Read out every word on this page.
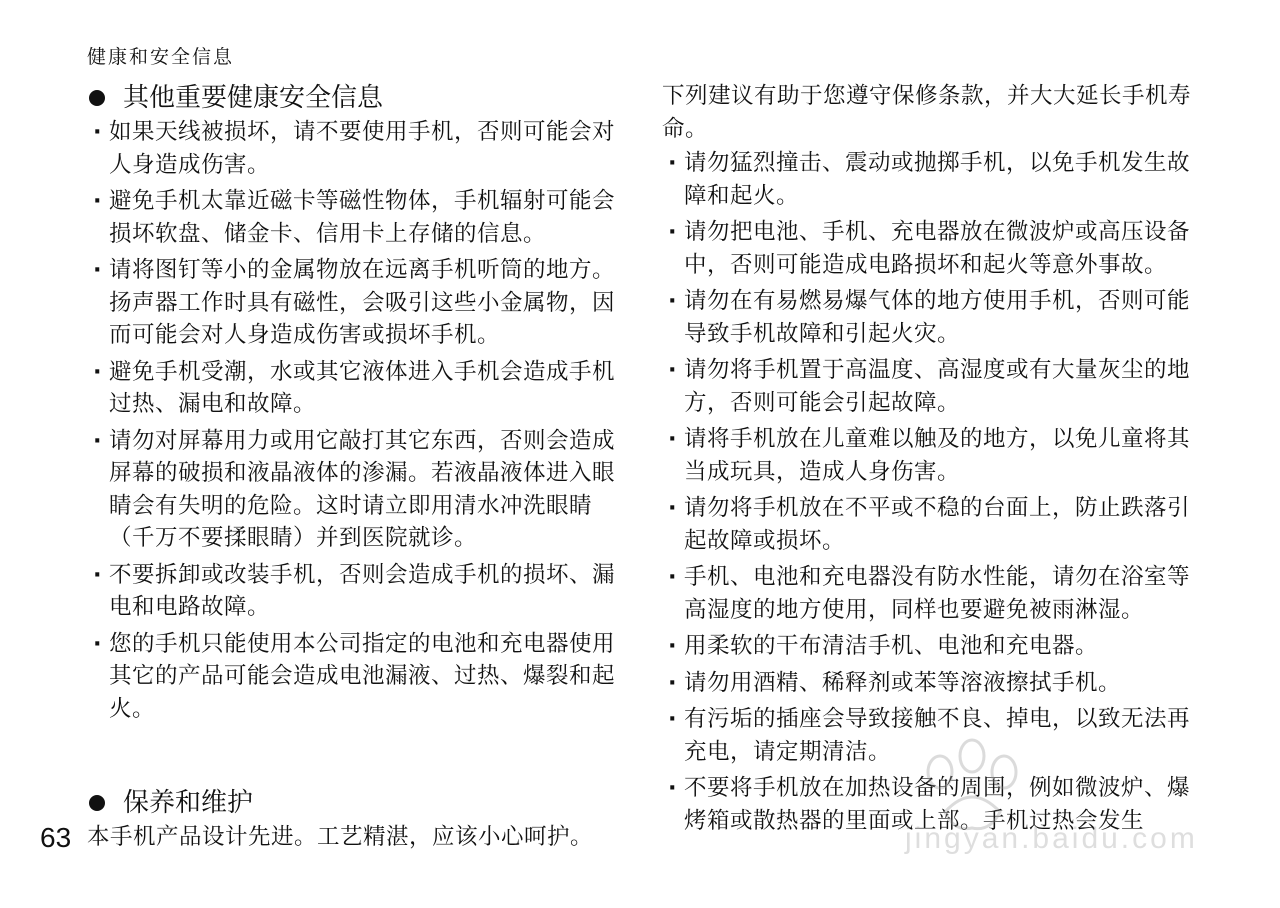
健康和安全信息
其他重要健康安全信息
· 如果天线被损坏，请不要使用手机，否则可能会对人身造成伤害。
· 避免手机太靠近磁卡等磁性物体，手机辐射可能会损坏软盘、储金卡、信用卡上存储的信息。
· 请将图钉等小的金属物放在远离手机听筒的地方。扬声器工作时具有磁性，会吸引这些小金属物，因而可能会对人身造成伤害或损坏手机。
· 避免手机受潮，水或其它液体进入手机会造成手机过热、漏电和故障。
· 请勿对屏幕用力或用它敲打其它东西，否则会造成屏幕的破损和液晶液体的渗漏。若液晶液体进入眼睛会有失明的危险。这时请立即用清水冲洗眼睛（千万不要揉眼睛）并到医院就诊。
· 不要拆卸或改装手机，否则会造成手机的损坏、漏电和电路故障。
· 您的手机只能使用本公司指定的电池和充电器使用其它的产品可能会造成电池漏液、过热、爆裂和起火。
保养和维护
本手机产品设计先进。工艺精湛，应该小心呵护。
下列建议有助于您遵守保修条款，并大大延长手机寿命。
· 请勿猛烈撞击、震动或抛掷手机，以免手机发生故障和起火。
· 请勿把电池、手机、充电器放在微波炉或高压设备中，否则可能造成电路损坏和起火等意外事故。
· 请勿在有易燃易爆气体的地方使用手机，否则可能导致手机故障和引起火灾。
· 请勿将手机置于高温度、高湿度或有大量灰尘的地方，否则可能会引起故障。
· 请将手机放在儿童难以触及的地方，以免儿童将其当成玩具，造成人身伤害。
· 请勿将手机放在不平或不稳的台面上，防止跌落引起故障或损坏。
· 手机、电池和充电器没有防水性能，请勿在浴室等高湿度的地方使用，同样也要避免被雨淋湿。
· 用柔软的干布清洁手机、电池和充电器。
· 请勿用酒精、稀释剂或苯等溶液擦拭手机。
· 有污垢的插座会导致接触不良、掉电，以致无法再充电，请定期清洁。
· 不要将手机放在加热设备的周围，例如微波炉、爆烤箱或散热器的里面或上部。手机过热会发生
63	jingyan.baidu.com
